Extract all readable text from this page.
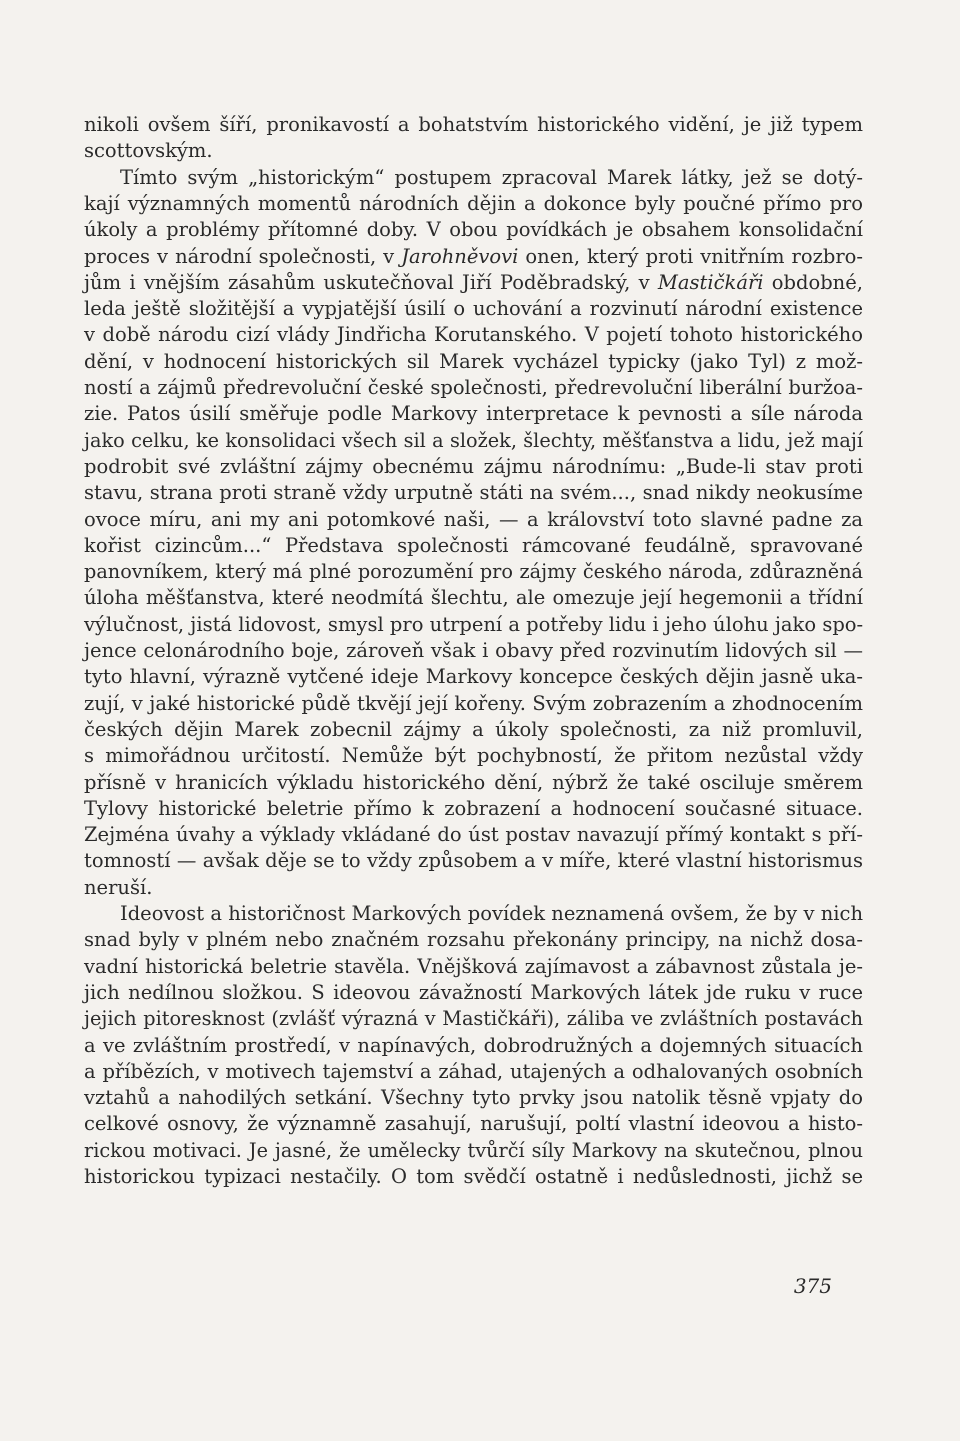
nikoli ovšem šíří, pronikavostí a bohatstvím historického vidění, je již typem
scottovským.
Tímto svým „historickým“ postupem zpracoval Marek látky, jež se dotý-
kají významných momentů národních dějin a dokonce byly poučné přímo pro
úkoly a problémy přítomné doby. V obou povídkách je obsahem konsolidační
proces v národní společnosti, v Jarohněvovi onen, který proti vnitřním rozbro-
jům i vnějším zásahům uskutečňoval Jiří Poděbradský, v Mastičkáři obdobné,
leda ještě složitější a vypjatější úsilí o uchování a rozvinutí národní existence
v době národu cizí vlády Jindřicha Korutanského. V pojetí tohoto historického
dění, v hodnocení historických sil Marek vycházel typicky (jako Tyl) z mož-
ností a zájmů předrevoluční české společnosti, předrevoluční liberální buržoa-
zie. Patos úsilí směřuje podle Markovy interpretace k pevnosti a síle národa
jako celku, ke konsolidaci všech sil a složek, šlechty, měšťanstva a lidu, jež mají
podrobit své zvláštní zájmy obecnému zájmu národnímu: „Bude-li stav proti
stavu, strana proti straně vždy urputně státi na svém..., snad nikdy neokusíme
ovoce míru, ani my ani potomkové naši, — a království toto slavné padne za
kořist cizincům...“ Představa společnosti rámcované feudálně, spravované
panovníkem, který má plné porozumění pro zájmy českého národa, zdůrazněná
úloha měšťanstva, které neodmítá šlechtu, ale omezuje její hegemonii a třídní
výlučnost, jistá lidovost, smysl pro utrpení a potřeby lidu i jeho úlohu jako spo-
jence celonárodního boje, zároveň však i obavy před rozvinutím lidových sil —
tyto hlavní, výrazně vytčené ideje Markovy koncepce českých dějin jasně uka-
zují, v jaké historické půdě tkvějí její kořeny. Svým zobrazením a zhodnocením
českých dějin Marek zobecnil zájmy a úkoly společnosti, za niž promluvil,
s mimořádnou určitostí. Nemůže být pochybností, že přitom nezůstal vždy
přísně v hranicích výkladu historického dění, nýbrž že také osciluje směrem
Tylovy historické beletrie přímo k zobrazení a hodnocení současné situace.
Zejména úvahy a výklady vkládané do úst postav navazují přímý kontakt s pří-
tomností — avšak děje se to vždy způsobem a v míře, které vlastní historismus
neruší.
Ideovost a historičnost Markových povídek neznamená ovšem, že by v nich
snad byly v plném nebo značném rozsahu překonány principy, na nichž dosa-
vadní historická beletrie stavěla. Vnějšková zajímavost a zábavnost zůstala je-
jich nedílnou složkou. S ideovou závažností Markových látek jde ruku v ruce
jejich pitoresknost (zvlášť výrazná v Mastičkáři), záliba ve zvláštních postavách
a ve zvláštním prostředí, v napínavých, dobrodružných a dojemných situacích
a příbězích, v motivech tajemství a záhad, utajených a odhalovaných osobních
vztahů a nahodilých setkání. Všechny tyto prvky jsou natolik těsně vpjaty do
celkové osnovy, že významně zasahují, narušují, poltí vlastní ideovou a histo-
rickou motivaci. Je jasné, že umělecky tvůrčí síly Markovy na skutečnou, plnou
historickou typizaci nestačily. O tom svědčí ostatně i nedůslednosti, jichž se
375
